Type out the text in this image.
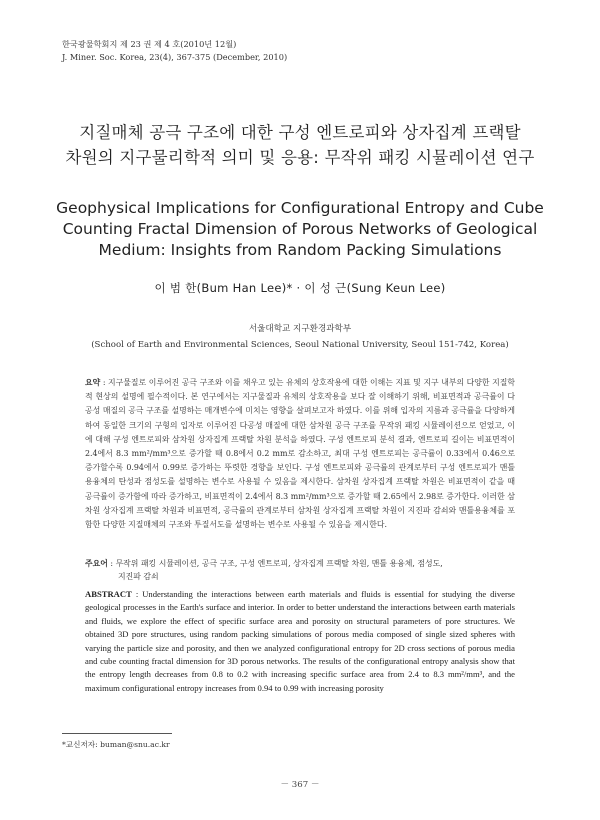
한국광물학회지 제 23 권 제 4 호(2010년 12월)
J. Miner. Soc. Korea, 23(4), 367-375 (December, 2010)
지질매체 공극 구조에 대한 구성 엔트로피와 상자집계 프랙탈
차원의 지구물리학적 의미 및 응용: 무작위 패킹 시뮬레이션 연구
Geophysical Implications for Configurational Entropy and Cube
Counting Fractal Dimension of Porous Networks of Geological
Medium: Insights from Random Packing Simulations
이 범 한(Bum Han Lee)* · 이 성 근(Sung Keun Lee)
서울대학교 지구환경과학부
(School of Earth and Environmental Sciences, Seoul National University, Seoul 151-742, Korea)
요약 : 지구물질로 이루어진 공극 구조와 이를 채우고 있는 유체의 상호작용에 대한 이해는 지표 및 지구 내부의 다양한 지질학적 현상의 설명에 필수적이다. 본 연구에서는 지구물질과 유체의 상호작용을 보다 잘 이해하기 위해, 비표면적과 공극률이 다공성 매질의 공극 구조를 설명하는 매개변수에 미치는 영향을 살펴보고자 하였다. 이를 위해 입자의 지름과 공극률을 다양하게 하여 동일한 크기의 구형의 입자로 이루어진 다공성 매질에 대한 삼차원 공극 구조를 무작위 패킹 시뮬레이션으로 얻었고, 이에 대해 구성 엔트로피와 삼차원 상자집계 프랙탈 차원 분석을 하였다. 구성 엔트로피 분석 결과, 엔트로피 길이는 비표면적이 2.4에서 8.3 mm²/mm³으로 증가할 때 0.8에서 0.2 mm로 감소하고, 최대 구성 엔트로피는 공극률이 0.33에서 0.46으로 증가할수록 0.94에서 0.99로 증가하는 뚜렷한 경향을 보인다. 구성 엔트로피와 공극률의 관계로부터 구성 엔트로피가 맨틀 용융체의 탄성과 점성도를 설명하는 변수로 사용될 수 있음을 제시한다. 삼차원 상자집계 프랙탈 차원은 비표면적이 같을 때 공극률이 증가함에 따라 증가하고, 비표면적이 2.4에서 8.3 mm²/mm³으로 증가할 때 2.65에서 2.98로 증가한다. 이러한 삼차원 상자집계 프랙탈 차원과 비표면적, 공극률의 관계로부터 삼차원 상자집계 프랙탈 차원이 지진파 감쇠와 맨틀용융체를 포함한 다양한 지질매체의 구조와 투질서도를 설명하는 변수로 사용될 수 있음을 제시한다.
주요어 : 무작위 패킹 시뮬레이션, 공극 구조, 구성 엔트로피, 상자집계 프랙탈 차원, 맨틀 용융체, 점성도,
지진파 감쇠
ABSTRACT : Understanding the interactions between earth materials and fluids is essential for studying the diverse geological processes in the Earth's surface and interior. In order to better understand the interactions between earth materials and fluids, we explore the effect of specific surface area and porosity on structural parameters of pore structures. We obtained 3D pore structures, using random packing simulations of porous media composed of single sized spheres with varying the particle size and porosity, and then we analyzed configurational entropy for 2D cross sections of porous media and cube counting fractal dimension for 3D porous networks. The results of the configurational entropy analysis show that the entropy length decreases from 0.8 to 0.2 with increasing specific surface area from 2.4 to 8.3 mm²/mm³, and the maximum configurational entropy increases from 0.94 to 0.99 with increasing porosity
*교신저자: buman@snu.ac.kr
－ 367 －
